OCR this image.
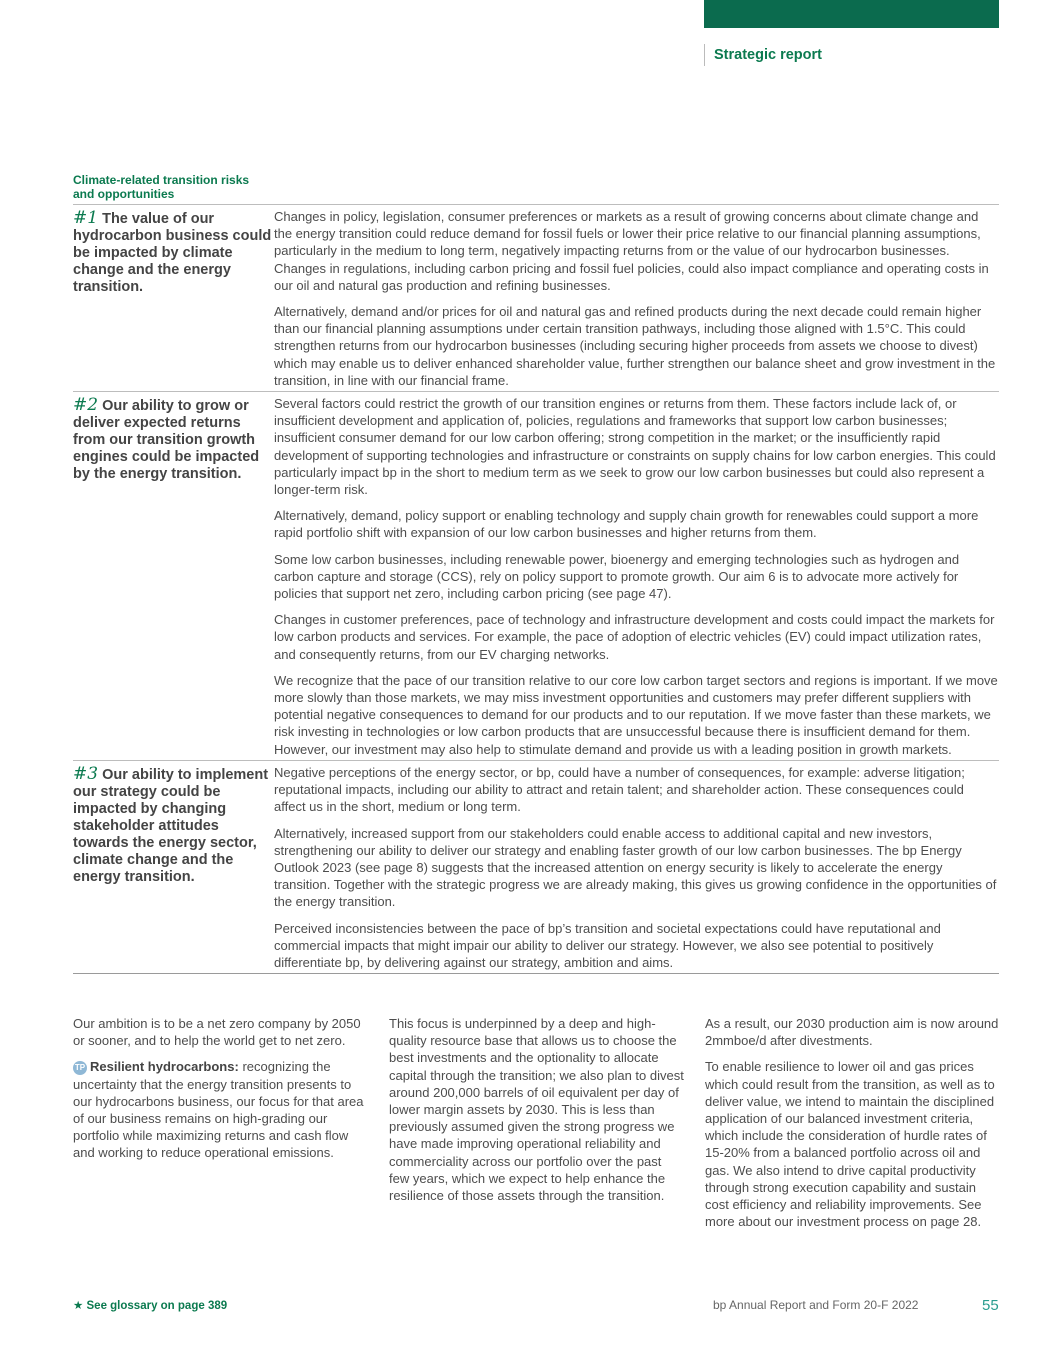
Strategic report
Climate-related transition risks and opportunities
#1 The value of our hydrocarbon business could be impacted by climate change and the energy transition.

Changes in policy, legislation, consumer preferences or markets as a result of growing concerns about climate change and the energy transition could reduce demand for fossil fuels or lower their price relative to our financial planning assumptions, particularly in the medium to long term, negatively impacting returns from or the value of our hydrocarbon businesses. Changes in regulations, including carbon pricing and fossil fuel policies, could also impact compliance and operating costs in our oil and natural gas production and refining businesses.

Alternatively, demand and/or prices for oil and natural gas and refined products during the next decade could remain higher than our financial planning assumptions under certain transition pathways, including those aligned with 1.5°C. This could strengthen returns from our hydrocarbon businesses (including securing higher proceeds from assets we choose to divest) which may enable us to deliver enhanced shareholder value, further strengthen our balance sheet and grow investment in the transition, in line with our financial frame.

#2 Our ability to grow or deliver expected returns from our transition growth engines could be impacted by the energy transition.

Several factors could restrict the growth of our transition engines or returns from them. These factors include lack of, or insufficient development and application of, policies, regulations and frameworks that support low carbon businesses; insufficient consumer demand for our low carbon offering; strong competition in the market; or the insufficiently rapid development of supporting technologies and infrastructure or constraints on supply chains for low carbon energies. This could particularly impact bp in the short to medium term as we seek to grow our low carbon businesses but could also represent a longer-term risk.

Alternatively, demand, policy support or enabling technology and supply chain growth for renewables could support a more rapid portfolio shift with expansion of our low carbon businesses and higher returns from them.

Some low carbon businesses, including renewable power, bioenergy and emerging technologies such as hydrogen and carbon capture and storage (CCS), rely on policy support to promote growth. Our aim 6 is to advocate more actively for policies that support net zero, including carbon pricing (see page 47).

Changes in customer preferences, pace of technology and infrastructure development and costs could impact the markets for low carbon products and services. For example, the pace of adoption of electric vehicles (EV) could impact utilization rates, and consequently returns, from our EV charging networks.

We recognize that the pace of our transition relative to our core low carbon target sectors and regions is important. If we move more slowly than those markets, we may miss investment opportunities and customers may prefer different suppliers with potential negative consequences to demand for our products and to our reputation. If we move faster than these markets, we risk investing in technologies or low carbon products that are unsuccessful because there is insufficient demand for them. However, our investment may also help to stimulate demand and provide us with a leading position in growth markets.

#3 Our ability to implement our strategy could be impacted by changing stakeholder attitudes towards the energy sector, climate change and the energy transition.

Negative perceptions of the energy sector, or bp, could have a number of consequences, for example: adverse litigation; reputational impacts, including our ability to attract and retain talent; and shareholder action. These consequences could affect us in the short, medium or long term.

Alternatively, increased support from our stakeholders could enable access to additional capital and new investors, strengthening our ability to deliver our strategy and enabling faster growth of our low carbon businesses. The bp Energy Outlook 2023 (see page 8) suggests that the increased attention on energy security is likely to accelerate the energy transition. Together with the strategic progress we are already making, this gives us growing confidence in the opportunities of the energy transition.

Perceived inconsistencies between the pace of bp’s transition and societal expectations could have reputational and commercial impacts that might impair our ability to deliver our strategy. However, we also see potential to positively differentiate bp, by delivering against our strategy, ambition and aims.

Our ambition is to be a net zero company by 2050 or sooner, and to help the world get to net zero.

TP Resilient hydrocarbons: recognizing the uncertainty that the energy transition presents to our hydrocarbons business, our focus for that area of our business remains on high-grading our portfolio while maximizing returns and cash flow and working to reduce operational emissions.

This focus is underpinned by a deep and high-quality resource base that allows us to choose the best investments and the optionality to allocate capital through the transition; we also plan to divest around 200,000 barrels of oil equivalent per day of lower margin assets by 2030. This is less than previously assumed given the strong progress we have made improving operational reliability and commerciality across our portfolio over the past few years, which we expect to help enhance the resilience of those assets through the transition.

As a result, our 2030 production aim is now around 2mmboe/d after divestments.

To enable resilience to lower oil and gas prices which could result from the transition, as well as to deliver value, we intend to maintain the disciplined application of our balanced investment criteria, which include the consideration of hurdle rates of 15-20% from a balanced portfolio across oil and gas. We also intend to drive capital productivity through strong execution capability and sustain cost efficiency and reliability improvements. See more about our investment process on page 28.

★ See glossary on page 389	bp Annual Report and Form 20-F 2022	55
